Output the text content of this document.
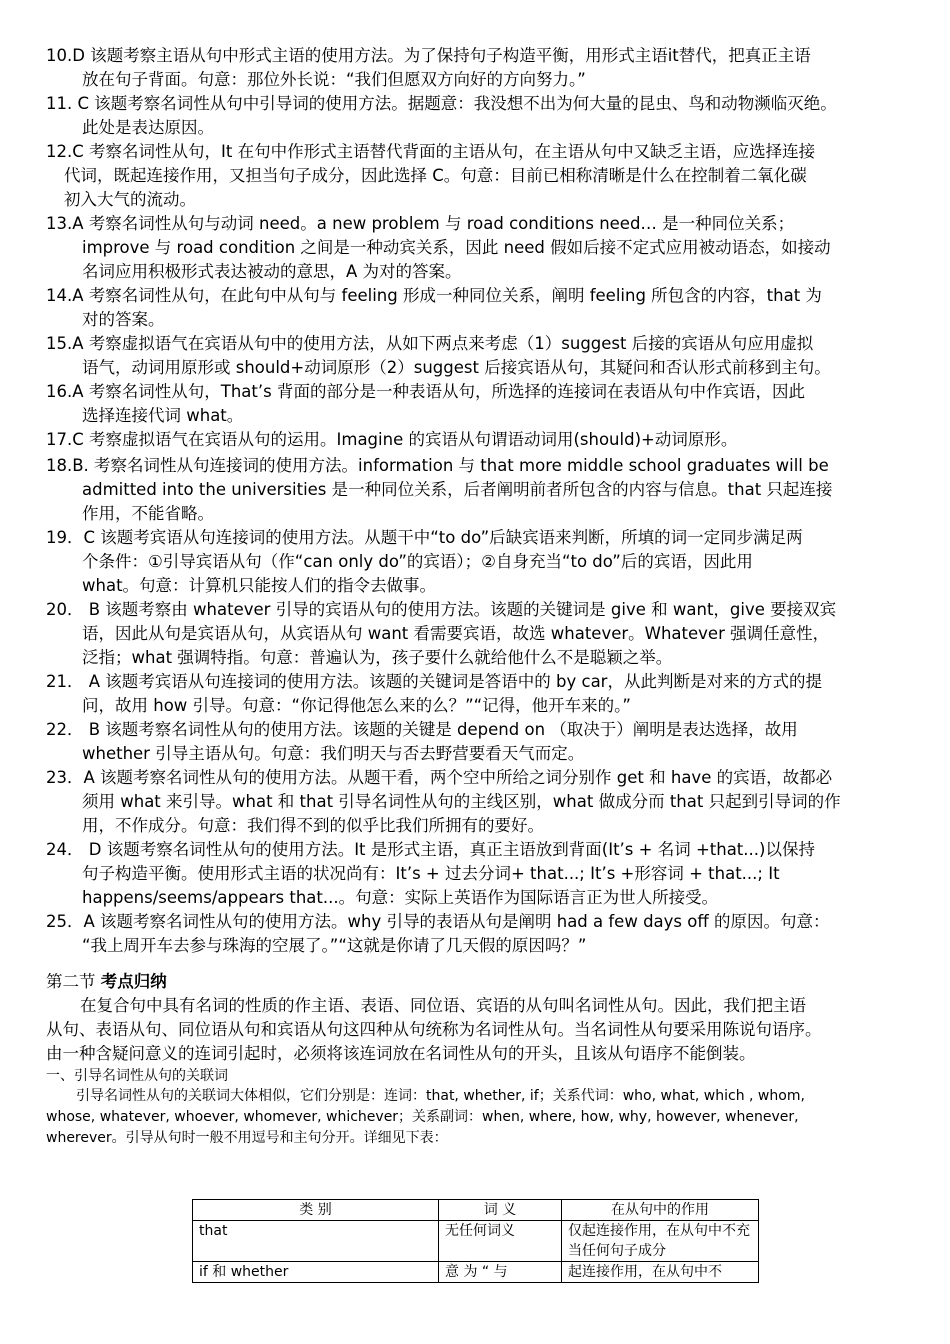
10.D 该题考察主语从句中形式主语的使用方法。为了保持句子构造平衡，用形式主语it替代，把真正主语
放在句子背面。句意：那位外长说：“我们但愿双方向好的方向努力。”
11. C 该题考察名词性从句中引导词的使用方法。据题意：我没想不出为何大量的昆虫、鸟和动物濒临灭绝。
此处是表达原因。
12.C 考察名词性从句，It 在句中作形式主语替代背面的主语从句，在主语从句中又缺乏主语，应选择连接
代词，既起连接作用，又担当句子成分，因此选择 C。句意：目前已相称清晰是什么在控制着二氧化碳
初入大气的流动。
13.A 考察名词性从句与动词 need。a new problem 与 road conditions need… 是一种同位关系；
improve 与 road condition 之间是一种动宾关系，因此 need 假如后接不定式应用被动语态，如接动
名词应用积极形式表达被动的意思，A 为对的答案。
14.A 考察名词性从句，在此句中从句与 feeling 形成一种同位关系，阐明 feeling 所包含的内容，that 为
对的答案。
15.A 考察虚拟语气在宾语从句中的使用方法，从如下两点来考虑（1）suggest 后接的宾语从句应用虚拟
语气，动词用原形或 should+动词原形（2）suggest 后接宾语从句，其疑问和否认形式前移到主句。
16.A 考察名词性从句，That’s 背面的部分是一种表语从句，所选择的连接词在表语从句中作宾语，因此
选择连接代词 what。
17.C 考察虚拟语气在宾语从句的运用。Imagine 的宾语从句谓语动词用(should)+动词原形。
18.B. 考察名词性从句连接词的使用方法。information 与 that more middle school graduates will be
admitted into the universities 是一种同位关系，后者阐明前者所包含的内容与信息。that 只起连接
作用，不能省略。
19．C 该题考宾语从句连接词的使用方法。从题干中“to do”后缺宾语来判断，所填的词一定同步满足两
个条件：①引导宾语从句（作“can only do”的宾语）；②自身充当“to do”后的宾语，因此用
what。句意：计算机只能按人们的指令去做事。
20． B 该题考察由 whatever 引导的宾语从句的使用方法。该题的关键词是 give 和 want，give 要接双宾
语，因此从句是宾语从句，从宾语从句 want 看需要宾语，故选 whatever。Whatever 强调任意性，
泛指；what 强调特指。句意：普遍认为，孩子要什么就给他什么不是聪颖之举。
21． A 该题考宾语从句连接词的使用方法。该题的关键词是答语中的 by car，从此判断是对来的方式的提
问，故用 how 引导。句意：“你记得他怎么来的么？”“记得，他开车来的。”
22． B 该题考察名词性从句的使用方法。该题的关键是 depend on （取决于）阐明是表达选择，故用
whether 引导主语从句。句意：我们明天与否去野营要看天气而定。
23．A 该题考察名词性从句的使用方法。从题干看，两个空中所给之词分别作 get 和 have 的宾语，故都必
须用 what 来引导。what 和 that 引导名词性从句的主线区别，what 做成分而 that 只起到引导词的作
用，不作成分。句意：我们得不到的似乎比我们所拥有的要好。
24． D 该题考察名词性从句的使用方法。It 是形式主语，真正主语放到背面(It’s + 名词 +that...)以保持
句子构造平衡。使用形式主语的状况尚有：It’s + 过去分词+ that...; It’s +形容词 + that...; It
happens/seems/appears that...。句意：实际上英语作为国际语言正为世人所接受。
25．A 该题考察名词性从句的使用方法。why 引导的表语从句是阐明 had a few days off 的原因。句意：
“我上周开车去参与珠海的空展了。”“这就是你请了几天假的原因吗？”
第二节 考点归纳
在复合句中具有名词的性质的作主语、表语、同位语、宾语的从句叫名词性从句。因此，我们把主语
从句、表语从句、同位语从句和宾语从句这四种从句统称为名词性从句。当名词性从句要采用陈说句语序。
由一种含疑问意义的连词引起时，必须将该连词放在名词性从句的开头，且该从句语序不能倒装。
一、引导名词性从句的关联词
引导名词性从句的关联词大体相似，它们分别是：连词：that, whether, if；关系代词：who, what, which , whom,
whose, whatever, whoever, whomever, whichever；关系副词：when, where, how, why, however, whenever,
wherever。引导从句时一般不用逗号和主句分开。详细见下表：
类 别	词 义	在从句中的作用
that	无任何词义	仅起连接作用，在从句中不充当任何句子成分
if 和 whether	意 为 “ 与	起连接作用，在从句中不
